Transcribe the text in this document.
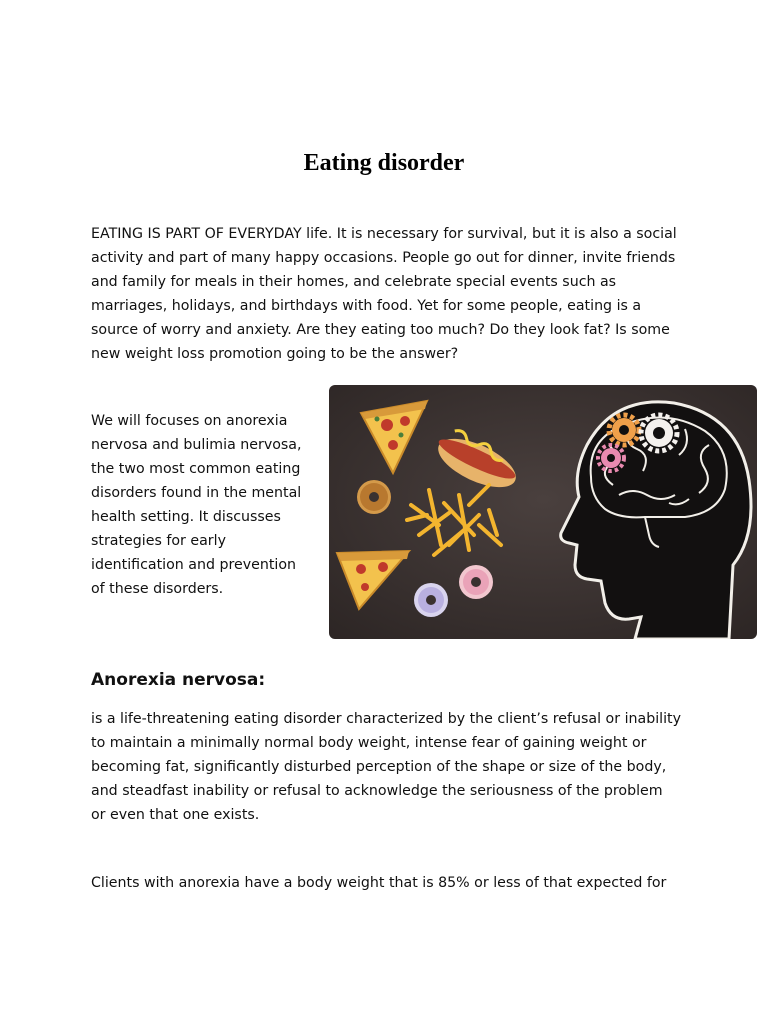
Eating disorder

EATING IS PART OF EVERYDAY life. It is necessary for survival, but it is also a social activity and part of many happy occasions. People go out for dinner, invite friends and family for meals in their homes, and celebrate special events such as marriages, holidays, and birthdays with food. Yet for some people, eating is a source of worry and anxiety. Are they eating too much? Do they look fat? Is some new weight loss promotion going to be the answer?

We will focuses on anorexia nervosa and bulimia nervosa, the two most common eating disorders found in the mental health setting. It discusses strategies for early identification and prevention of these disorders.

Anorexia nervosa:

is a life-threatening eating disorder characterized by the client’s refusal or inability to maintain a minimally normal body weight, intense fear of gaining weight or becoming fat, significantly disturbed perception of the shape or size of the body, and steadfast inability or refusal to acknowledge the seriousness of the problem or even that one exists.

Clients with anorexia have a body weight that is 85% or less of that expected for
